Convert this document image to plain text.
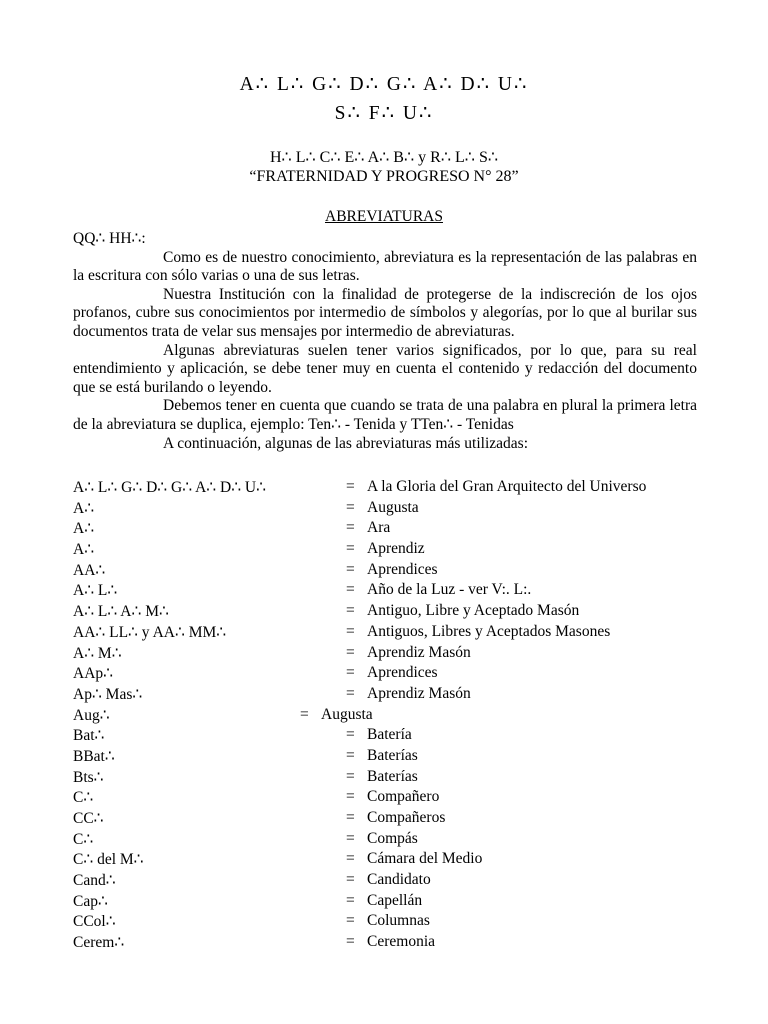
A∴ L∴ G∴ D∴ G∴ A∴ D∴ U∴
S∴ F∴ U∴
H∴ L∴ C∴ E∴ A∴ B∴ y R∴ L∴ S∴
“FRATERNIDAD Y PROGRESO N° 28”
ABREVIATURAS

QQ∴ HH∴:

Como es de nuestro conocimiento, abreviatura es la representación de las palabras en la escritura con sólo varias o una de sus letras.

Nuestra Institución con la finalidad de protegerse de la indiscreción de los ojos profanos, cubre sus conocimientos por intermedio de símbolos y alegorías, por lo que al burilar sus documentos trata de velar sus mensajes por intermedio de abreviaturas.

Algunas abreviaturas suelen tener varios significados, por lo que, para su real entendimiento y aplicación, se debe tener muy en cuenta el contenido y redacción del documento que se está burilando o leyendo.

Debemos tener en cuenta que cuando se trata de una palabra en plural la primera letra de la abreviatura se duplica, ejemplo: Ten∴ - Tenida y TTen∴ - Tenidas

A continuación, algunas de las abreviaturas más utilizadas:

A∴ L∴ G∴ D∴ G∴ A∴ D∴ U∴	= A la Gloria del Gran Arquitecto del Universo
A∴	= Augusta
A∴	= Ara
A∴	= Aprendiz
AA∴	= Aprendices
A∴ L∴	= Año de la Luz - ver V:. L:.
A∴ L∴ A∴ M∴	= Antiguo, Libre y Aceptado Masón
AA∴ LL∴ y AA∴ MM∴	= Antiguos, Libres y Aceptados Masones
A∴ M∴	= Aprendiz Masón
AAp∴	= Aprendices
Ap∴ Mas∴	= Aprendiz Masón
Aug∴	= Augusta
Bat∴	= Batería
BBat∴	= Baterías
Bts∴	= Baterías
C∴	= Compañero
CC∴	= Compañeros
C∴	= Compás
C∴ del M∴	= Cámara del Medio
Cand∴	= Candidato
Cap∴	= Capellán
CCol∴	= Columnas
Cerem∴	= Ceremonia
